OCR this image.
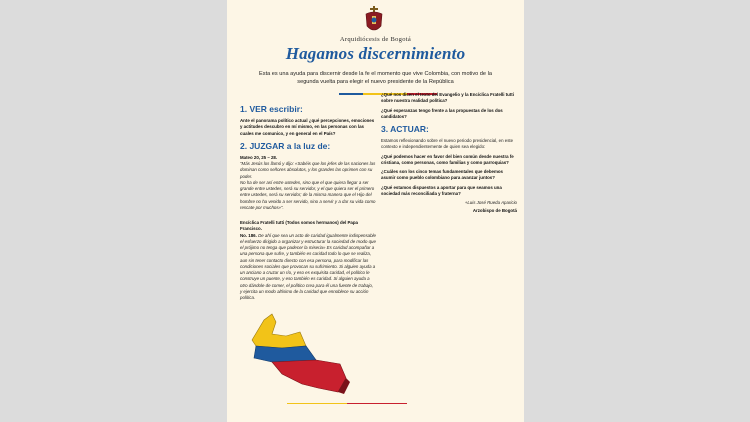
Arquidiócesis de Bogotá
Hagamos discernimiento
Esta es una ayuda para discernir desde la fe el momento que vive Colombia, con motivo de la segunda vuelta para elegir el nuevo presidente de la República
1. VER escribir:

Ante el panorama político actual ¿qué percepciones, emociones y actitudes descubro en mí mismo, en las personas con las cuales me comunico, y en general en el País?

2. JUZGAR a la luz de:

Mateo 20, 25 – 28.

"Más Jesús los llamó y dijo: «Sabéis que los jefes de las naciones las dominan como señores absolutos, y los grandes las oprimen con su poder.

No ha de ser así entre ustedes, sino que el que quiera llegar a ser grande entre ustedes, será su servidor, y el que quiera ser el primero entre ustedes, será su servidor; de la misma manera que el Hijo del hombre no ha venido a ser servido, sino a servir y a dar su vida como rescate por muchos»".

Encíclica Fratelli tutti (Todos somos hermanos) del Papa Francisco.

No. 186. De ahí que sea un acto de caridad igualmente indispensable el esfuerzo dirigido a organizar y estructurar la sociedad de modo que el prójimo no tenga que padecer la miseria» Es caridad acompañar a una persona que sufre, y también es caridad todo lo que se realiza, aun sin tener contacto directo con esa persona, para modificar las condiciones sociales que provocan su sufrimiento. Si alguien ayuda a un anciano a cruzar un río, y eso es exquisita caridad, el político le construye un puente, y eso también es caridad. Si alguien ayuda a otro dándole de comer, el político crea para él una fuente de trabajo, y ejercita un modo altísimo de la caridad que ennoblece su acción política.

¿Qué nos dicen el texto del Evangelio y la Encíclica Fratelli tutti sobre nuestra realidad política?

¿Qué esperanzas tengo frente a las propuestas de los dos candidatos?

3. ACTUAR:

Estamos reflexionando sobre el nuevo periodo presidencial, en este contexto e independientemente de quien sea elegido:

¿Qué podemos hacer en favor del bien común desde nuestra fe cristiana, como personas, como familias y como parroquias?

¿Cuáles son los cinco temas fundamentales que debemos asumir como pueblo colombiano para avanzar juntos?

¿Qué estamos dispuestos a aportar para que seamos una sociedad más reconciliada y fraterna?

+Luis José Rueda Aparicio
Arzobispo de Bogotá
